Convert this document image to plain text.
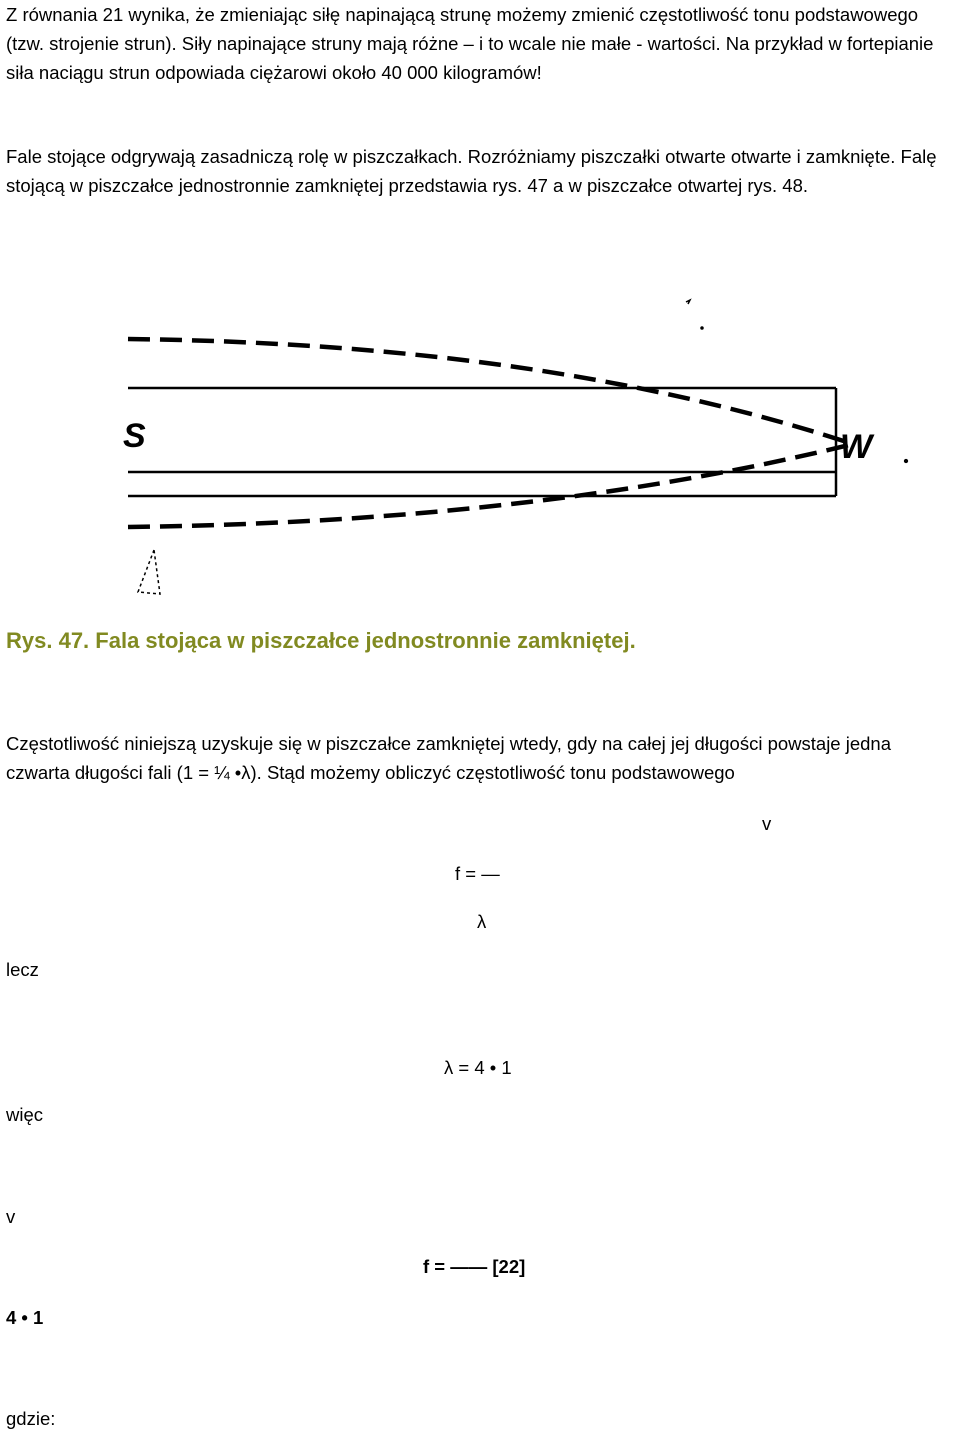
Z równania 21 wynika, że zmieniając siłę napinającą strunę możemy zmienić częstotliwość tonu podstawowego (tzw. strojenie strun). Siły napinające struny mają różne – i to wcale nie małe - wartości. Na przykład w fortepianie siła naciągu strun odpowiada ciężarowi około 40 000 kilogramów!

Fale stojące odgrywają zasadniczą rolę w piszczałkach. Rozróżniamy piszczałki otwarte otwarte i zamknięte. Falę stojącą w piszczałce jednostronnie zamkniętej przedstawia rys. 47 a w piszczałce otwartej rys. 48.

S	W

Rys. 47. Fala stojąca w piszczałce jednostronnie zamkniętej.

Częstotliwość niniejszą uzyskuje się w piszczałce zamkniętej wtedy, gdy na całej jej długości powstaje jedna czwarta długości fali (1 = ¼ •λ). Stąd możemy obliczyć częstotliwość tonu podstawowego

v
f = —
λ
lecz
λ = 4 • 1
więc
v
f = —— [22]
4 • 1
gdzie:
